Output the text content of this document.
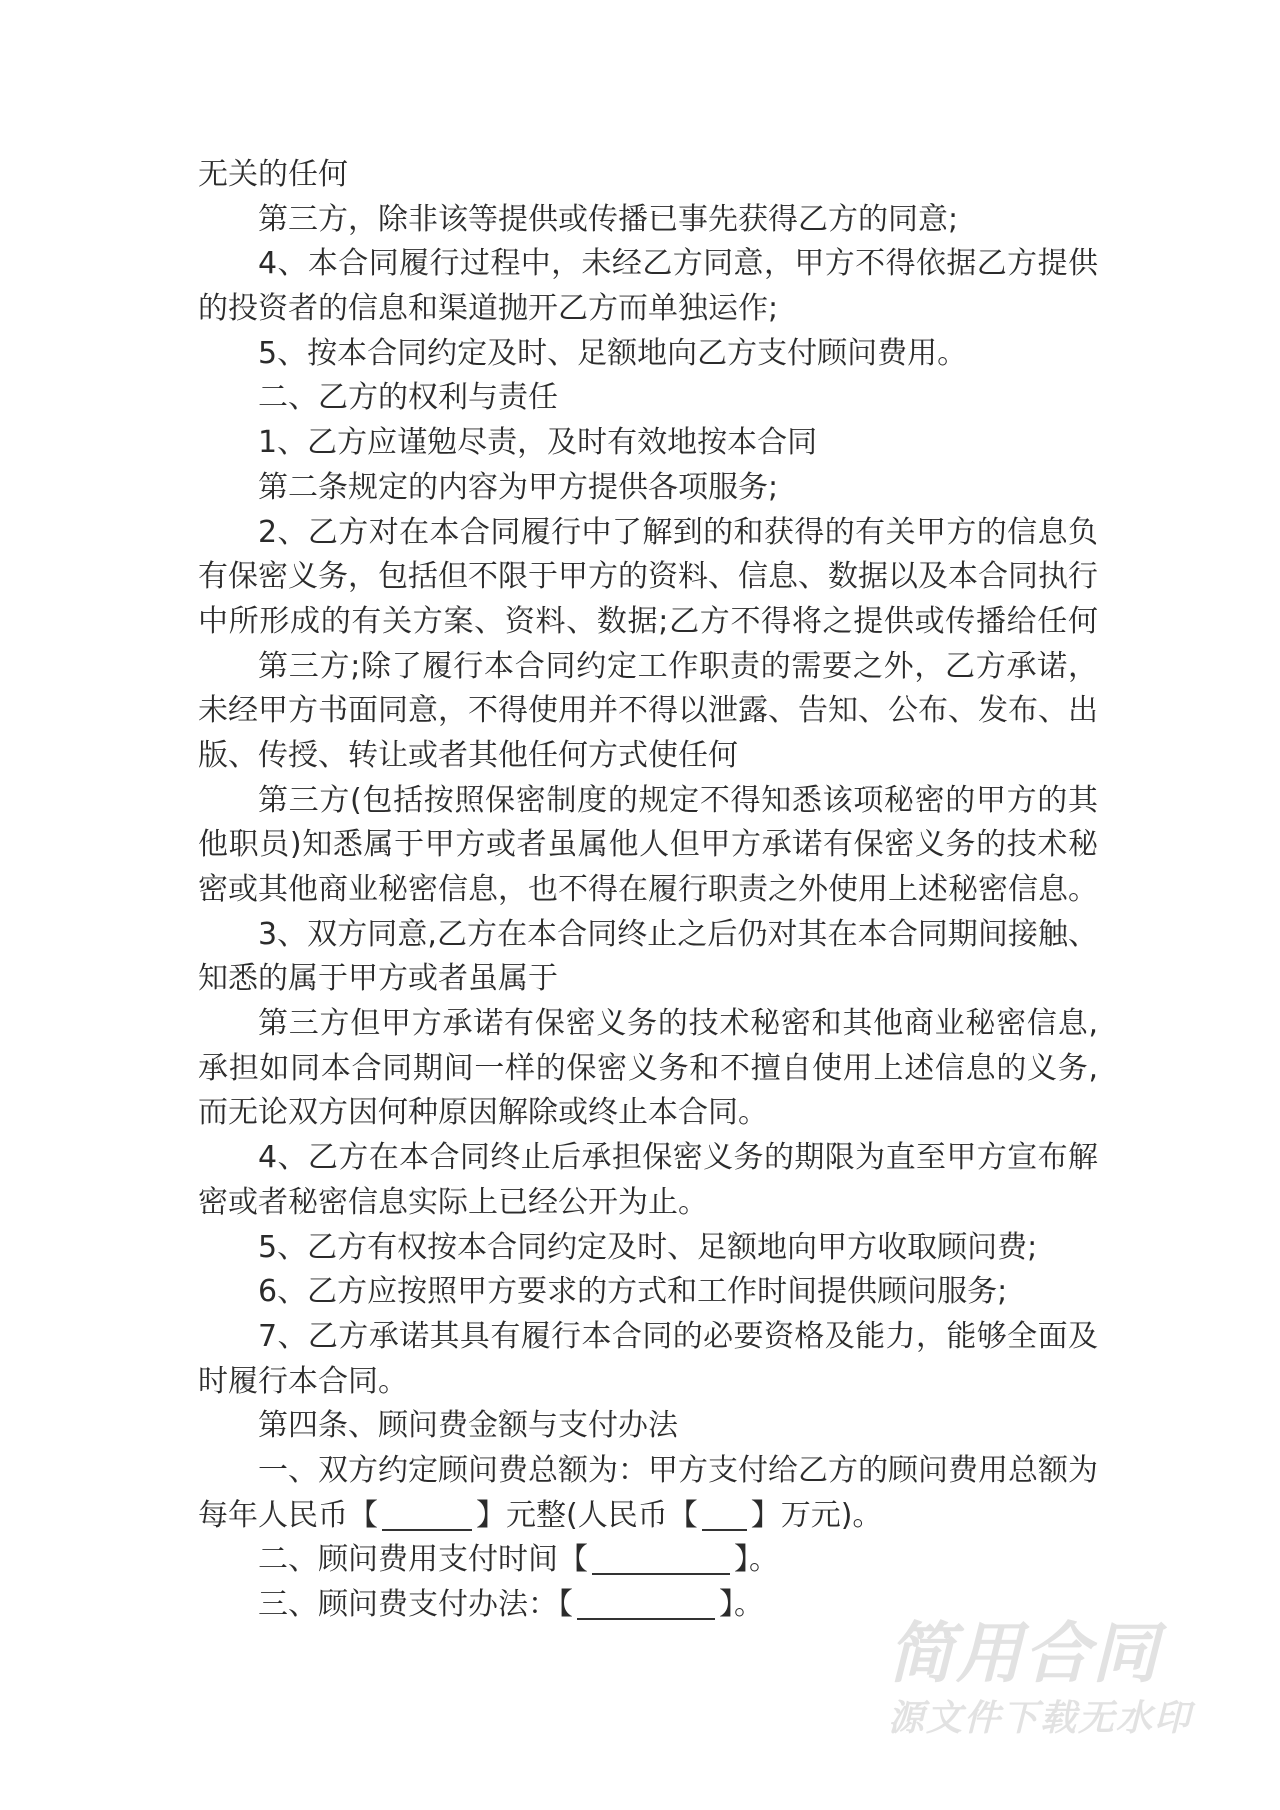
无关的任何
第三方，除非该等提供或传播已事先获得乙方的同意;
4、本合同履行过程中，未经乙方同意，甲方不得依据乙方提供
的投资者的信息和渠道抛开乙方而单独运作;
5、按本合同约定及时、足额地向乙方支付顾问费用。
二、乙方的权利与责任
1、乙方应谨勉尽责，及时有效地按本合同
第二条规定的内容为甲方提供各项服务;
2、乙方对在本合同履行中了解到的和获得的有关甲方的信息负
有保密义务，包括但不限于甲方的资料、信息、数据以及本合同执行
中所形成的有关方案、资料、数据;乙方不得将之提供或传播给任何
第三方;除了履行本合同约定工作职责的需要之外，乙方承诺，
未经甲方书面同意，不得使用并不得以泄露、告知、公布、发布、出
版、传授、转让或者其他任何方式使任何
第三方(包括按照保密制度的规定不得知悉该项秘密的甲方的其
他职员)知悉属于甲方或者虽属他人但甲方承诺有保密义务的技术秘
密或其他商业秘密信息，也不得在履行职责之外使用上述秘密信息。
3、双方同意,乙方在本合同终止之后仍对其在本合同期间接触、
知悉的属于甲方或者虽属于
第三方但甲方承诺有保密义务的技术秘密和其他商业秘密信息,
承担如同本合同期间一样的保密义务和不擅自使用上述信息的义务,
而无论双方因何种原因解除或终止本合同。
4、乙方在本合同终止后承担保密义务的期限为直至甲方宣布解
密或者秘密信息实际上已经公开为止。
5、乙方有权按本合同约定及时、足额地向甲方收取顾问费;
6、乙方应按照甲方要求的方式和工作时间提供顾问服务;
7、乙方承诺其具有履行本合同的必要资格及能力，能够全面及
时履行本合同。
第四条、顾问费金额与支付办法
一、双方约定顾问费总额为：甲方支付给乙方的顾问费用总额为
每年人民币【	】元整(人民币【 】万元)。
二、顾问费用支付时间【	】。
三、顾问费支付办法：【	】。
简用合同
源文件下载无水印
